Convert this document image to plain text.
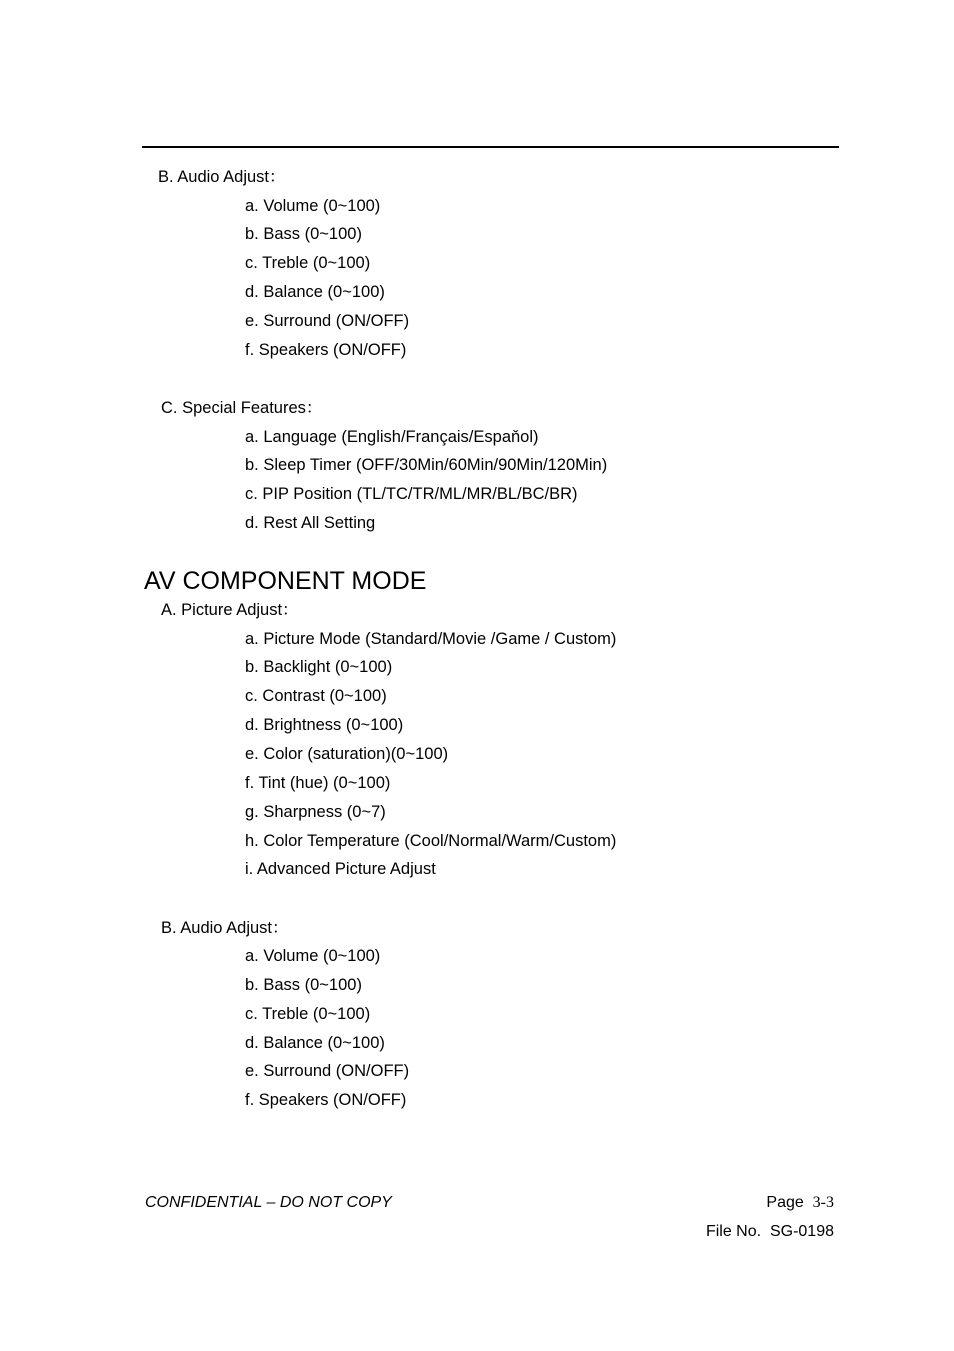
B. Audio Adjust：
a. Volume (0~100)
b. Bass (0~100)
c. Treble (0~100)
d. Balance (0~100)
e. Surround (ON/OFF)
f. Speakers (ON/OFF)
C. Special Features：
a. Language (English/Français/Espaňol)
b. Sleep Timer (OFF/30Min/60Min/90Min/120Min)
c. PIP Position (TL/TC/TR/ML/MR/BL/BC/BR)
d. Rest All Setting
AV COMPONENT MODE
A. Picture Adjust：
a. Picture Mode (Standard/Movie /Game / Custom)
b. Backlight (0~100)
c. Contrast (0~100)
d. Brightness (0~100)
e. Color (saturation)(0~100)
f. Tint (hue) (0~100)
g. Sharpness (0~7)
h. Color Temperature (Cool/Normal/Warm/Custom)
i. Advanced Picture Adjust
B. Audio Adjust：
a. Volume (0~100)
b. Bass (0~100)
c. Treble (0~100)
d. Balance (0~100)
e. Surround (ON/OFF)
f. Speakers (ON/OFF)
CONFIDENTIAL – DO NOT COPY	Page 3-3
File No. SG-0198
